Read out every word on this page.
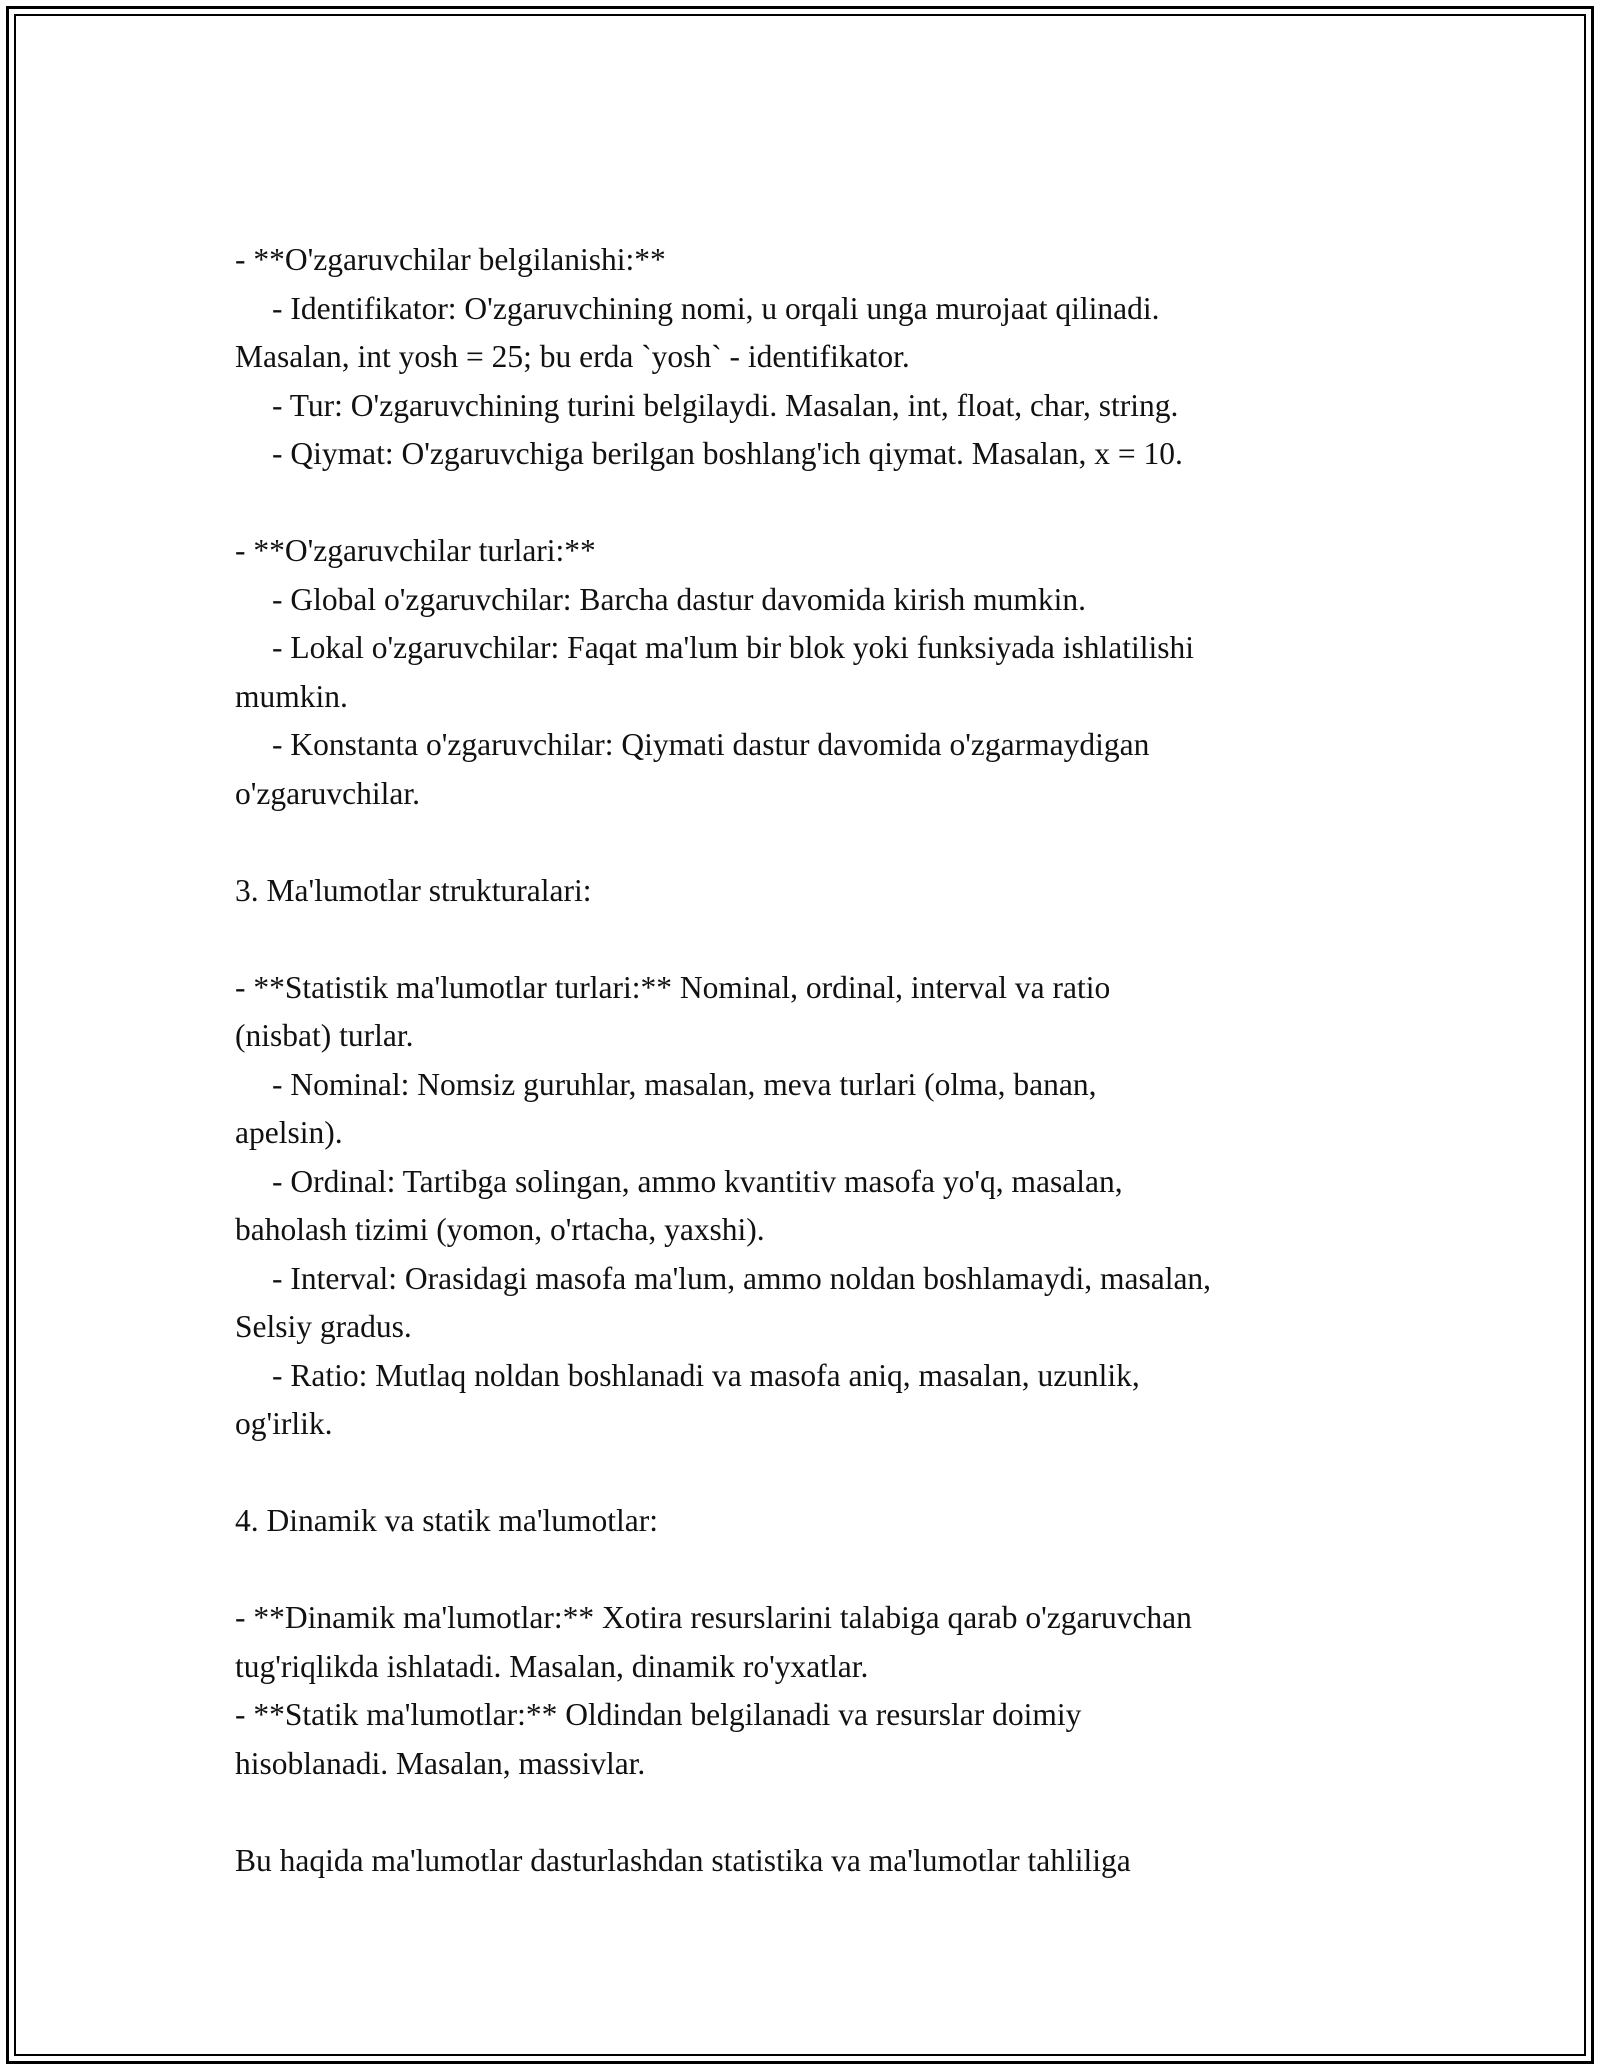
- **O'zgaruvchilar belgilanishi:**
- Identifikator: O'zgaruvchining nomi, u orqali unga murojaat qilinadi.
Masalan, int yosh = 25; bu erda `yosh` - identifikator.
- Tur: O'zgaruvchining turini belgilaydi. Masalan, int, float, char, string.
- Qiymat: O'zgaruvchiga berilgan boshlang'ich qiymat. Masalan, x = 10.
- **O'zgaruvchilar turlari:**
- Global o'zgaruvchilar: Barcha dastur davomida kirish mumkin.
- Lokal o'zgaruvchilar: Faqat ma'lum bir blok yoki funksiyada ishlatilishi
mumkin.
- Konstanta o'zgaruvchilar: Qiymati dastur davomida o'zgarmaydigan
o'zgaruvchilar.
3. Ma'lumotlar strukturalari:
- **Statistik ma'lumotlar turlari:** Nominal, ordinal, interval va ratio
(nisbat) turlar.
- Nominal: Nomsiz guruhlar, masalan, meva turlari (olma, banan,
apelsin).
- Ordinal: Tartibga solingan, ammo kvantitiv masofa yo'q, masalan,
baholash tizimi (yomon, o'rtacha, yaxshi).
- Interval: Orasidagi masofa ma'lum, ammo noldan boshlamaydi, masalan,
Selsiy gradus.
- Ratio: Mutlaq noldan boshlanadi va masofa aniq, masalan, uzunlik,
og'irlik.
4. Dinamik va statik ma'lumotlar:
- **Dinamik ma'lumotlar:** Xotira resurslarini talabiga qarab o'zgaruvchan
tug'riqlikda ishlatadi. Masalan, dinamik ro'yxatlar.
- **Statik ma'lumotlar:** Oldindan belgilanadi va resurslar doimiy
hisoblanadi. Masalan, massivlar.
Bu haqida ma'lumotlar dasturlashdan statistika va ma'lumotlar tahliliga
